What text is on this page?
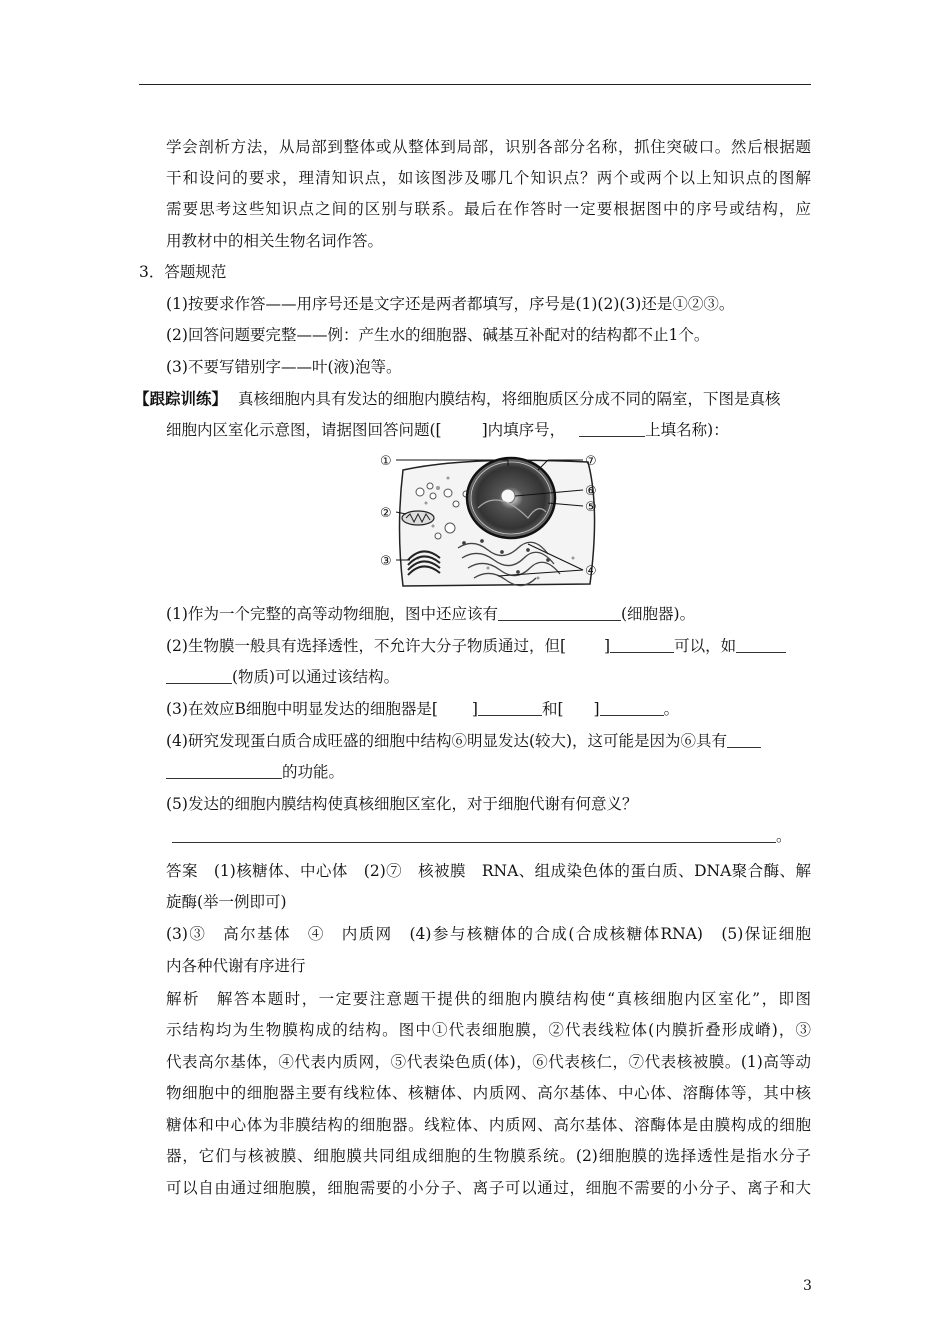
学会剖析方法，从局部到整体或从整体到局部，识别各部分名称，抓住突破口。然后根据题
干和设问的要求，理清知识点，如该图涉及哪几个知识点？两个或两个以上知识点的图解
需要思考这些知识点之间的区别与联系。最后在作答时一定要根据图中的序号或结构，应
用教材中的相关生物名词作答。
3．答题规范
(1)按要求作答——用序号还是文字还是两者都填写，序号是(1)(2)(3)还是①②③。
(2)回答问题要完整——例：产生水的细胞器、碱基互补配对的结构都不止1个。
(3)不要写错别字——叶(液)泡等。
【跟踪训练】 真核细胞内具有发达的细胞内膜结构，将细胞质区分成不同的隔室，下图是真核
细胞内区室化示意图，请据图回答问题([	]内填序号，	上填名称)：
①
②
③
④
⑤
⑥
⑦
(1)作为一个完整的高等动物细胞，图中还应该有	(细胞器)。
(2)生物膜一般具有选择透性，不允许大分子物质通过，但[ ]	可以，如
(物质)可以通过该结构。
(3)在效应B细胞中明显发达的细胞器是[ ]	和[ ]	。
(4)研究发现蛋白质合成旺盛的细胞中结构⑥明显发达(较大)，这可能是因为⑥具有
的功能。
(5)发达的细胞内膜结构使真核细胞区室化，对于细胞代谢有何意义？
。
答案　(1)核糖体、中心体　(2)⑦　核被膜　RNA、组成染色体的蛋白质、DNA聚合酶、解
旋酶(举一例即可)
(3)③　高尔基体　④　内质网　(4)参与核糖体的合成(合成核糖体RNA)　(5)保证细胞
内各种代谢有序进行
解析　解答本题时，一定要注意题干提供的细胞内膜结构使“真核细胞内区室化”，即图
示结构均为生物膜构成的结构。图中①代表细胞膜，②代表线粒体(内膜折叠形成嵴)，③
代表高尔基体，④代表内质网，⑤代表染色质(体)，⑥代表核仁，⑦代表核被膜。(1)高等动
物细胞中的细胞器主要有线粒体、核糖体、内质网、高尔基体、中心体、溶酶体等，其中核
糖体和中心体为非膜结构的细胞器。线粒体、内质网、高尔基体、溶酶体是由膜构成的细胞
器，它们与核被膜、细胞膜共同组成细胞的生物膜系统。(2)细胞膜的选择透性是指水分子
可以自由通过细胞膜，细胞需要的小分子、离子可以通过，细胞不需要的小分子、离子和大
3
